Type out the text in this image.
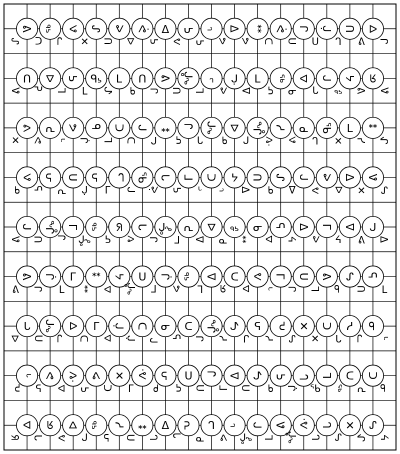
ᕕ ᖅ ᕗ ᔑ ᕙ ᕚ ᐃ ᕂ ᒡ ᐁ ᕯ ᕚ ᒋ ᒌ ᑎ ᐅ
ᔑ ᑕ ᓚ ✕ ᑌ ᐅ ᕋ ᕙ ᕂ ᕗ ᕗ ᑕ ᑎ ᑌ ᒉ ᕕ ᒋ
ᑎ ᐅ ᕋ ᖃ ᒣ ᑌ ᕕ ᖎ ᒡ ᒌ ᒣ ᖅ ᐅ ᒋ ᔭ ᖆ
ᕕ ᕆ ᒪ ᒪ ᖋ ᓂ ᒍ ᑎ ᒣ ᕙ ᐃ ᕂ ᓂ ᒉ ᖅ ᕕ ᕕ
ᕗ ᕆ ᕗ ᓂ ᑐ ᒍ ᕯ ᓚ ᖏ ᐅ ᖎ ᓯ ᓇ ᖃ ᒪ ᕯ
✕ ᕙ ᒡ ᒌ ᒪ ᑐ ᒍ ᕂ ᒉ ᓂ ᒋ ᕚ ᕗ ᒉ ✕ ᓯ ᖋ
ᕗ ᕂ ᑌ ᕂ ᓗ ᖃ ᒐ ᒧ ᑕ ᔭ ᑎ ᔑ ᒋ ᕙ ᐃ ᕕ
ᓂ ᕂ ᕆ ᒌ ᒧ ᒋ ᕚ ᕋ ᒡ ᒡ ᐃ ᓂ ᐃ ᕙ ᐊ ✕ ᔑ
ᒍ ᖎ ᒥ ᖅ ᖆ ᒉ ᖎ ᕆ ᐅ ᖅ ᓂ ᕂ ᐃ ᒧ ᐃ ᒍ
ᕕ ᑎ ᓚ ᖎ ᕋ ᕙ ᒋ ᒧ ᐁ ᓇ ᕯ ᐅ ᔭ ᕙ ᔭ ᕕ ᐃ
ᕕ ᒌ ᒧ ᕯ ᔭ ᑌ ᒌ ᖅ ᐃ ᑕ ᕙ ᒧ ᑎ ᕕ ᔑ ᕂ
ᕕ ᒋ ᒪ ᕯ ᐊ	ᖎ ᒥ ᕗ ᒣ ᖆ ᐅ ᒡ ᒍ ᒣ ᓂ ᑎ ᒪ
ᒐ ᖏ ᐅ ᒥ ᒌ ᑐ ᓂ ᑐ ᖎ ᖋ ᕋ ᕆ ✕ ᑐ ᓯ ᓂ
ᐅ ᑎ ᓚ ᑕ ᐅ ᒌ ᓚ ᕂ ᒋ ᓯ ᒋ ᓯ ᔑ ✕ ᒐ ᓚ ᒡ
ᒡ ᕙ ᕚ ᕗ ✕ ᕚ ᕂ ᑌ ᓚ ᐃ ᖋ ᕂ ᓗ ᒣ ᑕ ᑐ
ᕆ ᕋ ᐊ ᕂ ᑐ ᒥ ᓇ ᕂ ᑎ ᒥ ᑌ ᓂ ᒌ ᖃ ᖅ ᕆ ᓂ
ᐊ ᖆ ᐅ ᖅ ᓯ ᕯ ᐃ ᕆ ᒐ ᒡ ᒋ ᕕ ᕚ ᒐ ✕ ᔑ
ᖆ ᒐ ᕙ ᒋ ᕂ ᑌ ᒉ ᓗ ᓇ ᕗ ᖎ ᒣ	ᖎ ᒐ ᔑ ᖋ ᔭ
